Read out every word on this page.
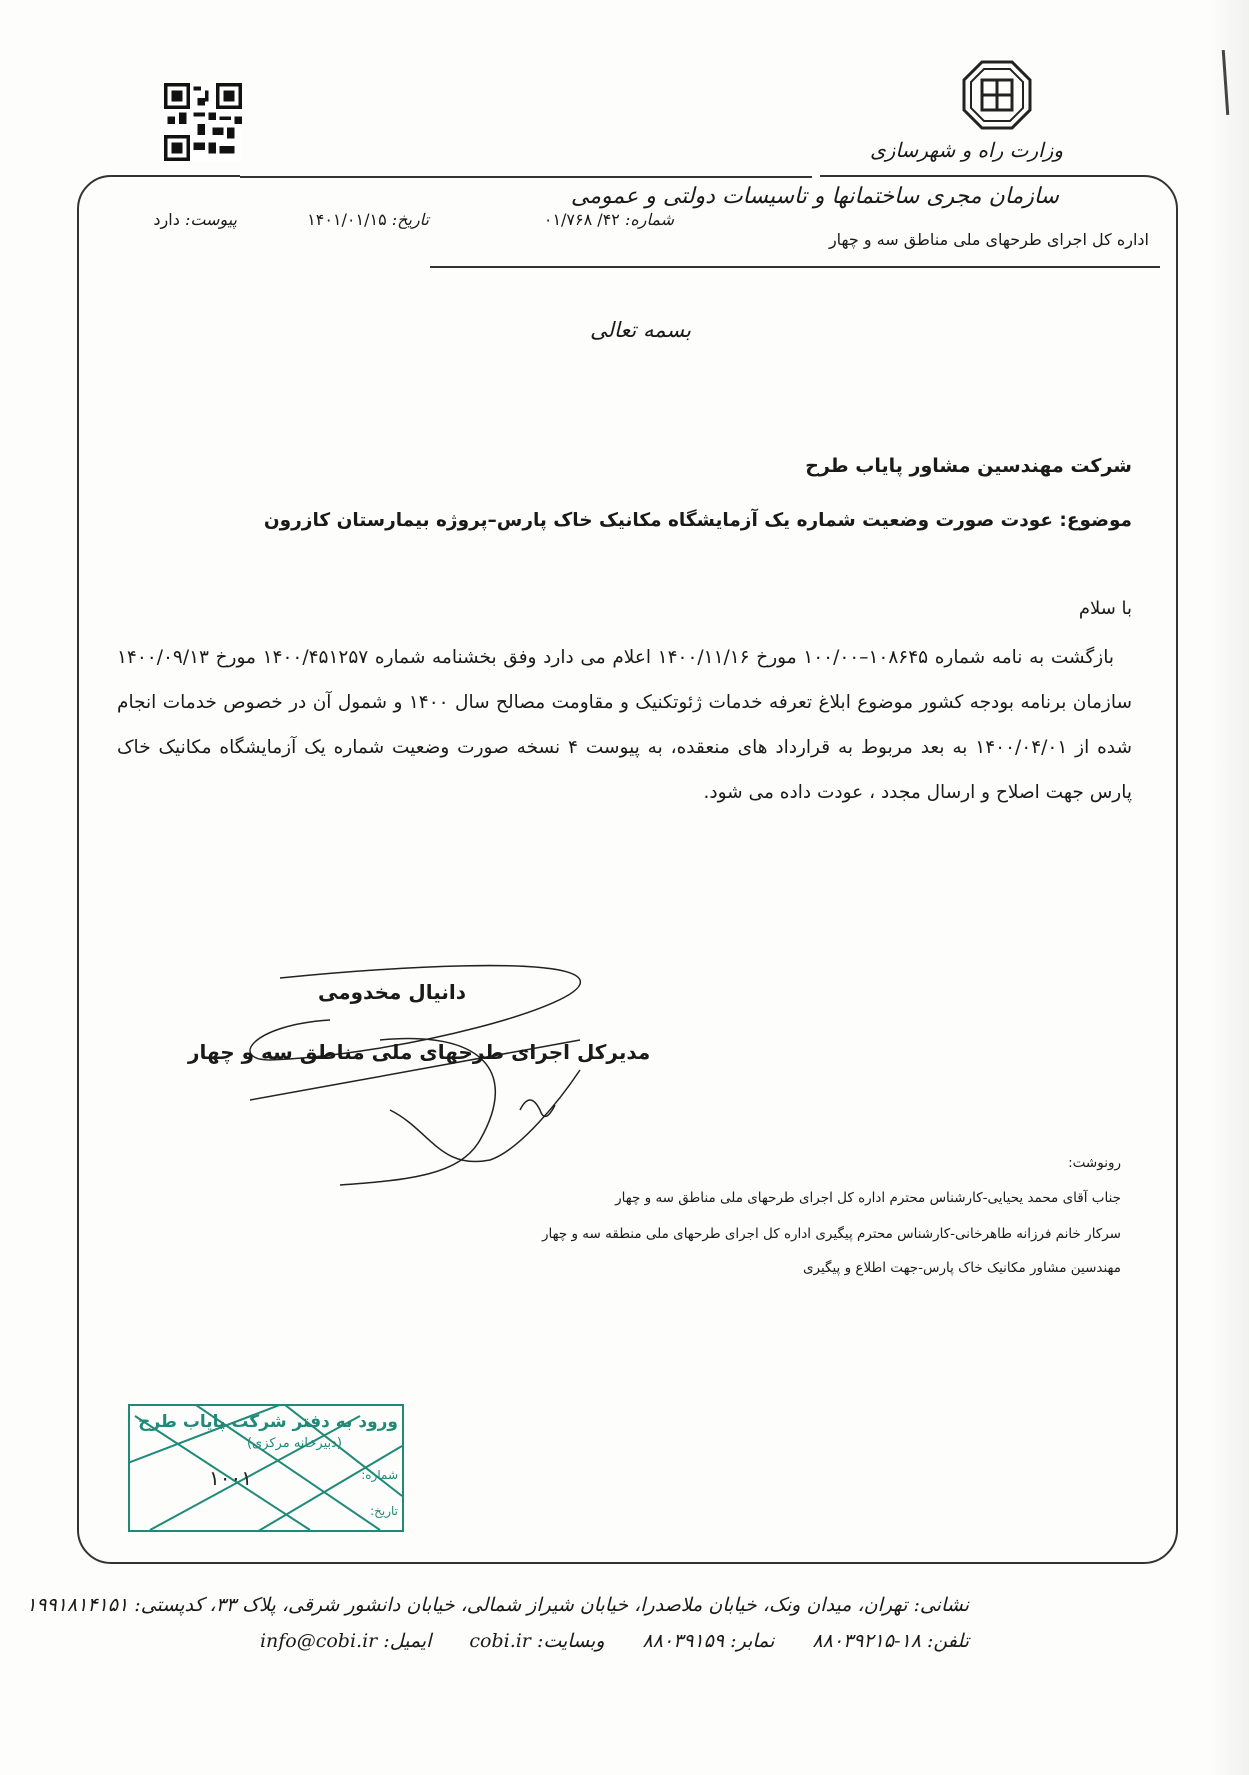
وزارت راه و شهرسازی
سازمان مجری ساختمانها و تاسیسات دولتی و عمومی
اداره کل اجرای طرحهای ملی مناطق سه و چهار
شماره: ۴۲/ ۰۱/۷۶۸
تاریخ: ۱۴۰۱/۰۱/۱۵
پیوست: دارد
بسمه تعالی
شرکت مهندسین مشاور پایاب طرح
موضوع: عودت صورت وضعیت شماره یک آزمایشگاه مکانیک خاک پارس–پروژه بیمارستان کازرون
با سلام
بازگشت به نامه شماره ۱۰۸۶۴۵–۱۰۰/۰۰ مورخ ۱۴۰۰/۱۱/۱۶ اعلام می دارد وفق بخشنامه شماره ۱۴۰۰/۴۵۱۲۵۷ مورخ ۱۴۰۰/۰۹/۱۳ سازمان برنامه بودجه کشور موضوع ابلاغ تعرفه خدمات ژئوتکنیک و مقاومت مصالح سال ۱۴۰۰ و شمول آن در خصوص خدمات انجام شده از ۱۴۰۰/۰۴/۰۱ به بعد مربوط به قرارداد های منعقده، به پیوست ۴ نسخه صورت وضعیت شماره یک آزمایشگاه مکانیک خاک پارس جهت اصلاح و ارسال مجدد ، عودت داده می شود.
دانیال مخدومی
مدیرکل اجرای طرحهای ملی مناطق سه و چهار
رونوشت:
جناب آقای محمد یحیایی-کارشناس محترم اداره کل اجرای طرحهای ملی مناطق سه و چهار
سرکار خانم فرزانه طاهرخانی-کارشناس محترم پیگیری اداره کل اجرای طرحهای ملی منطقه سه و چهار
مهندسین مشاور مکانیک خاک پارس-جهت اطلاع و پیگیری
ورود به دفتر شرکت پایاب طرح
(دبیرخانه مرکزی)
شماره:
۱۰۰۱
تاریخ:
نشانی: تهران، میدان ونک، خیابان ملاصدرا، خیابان شیراز شمالی، خیابان دانشور شرقی، پلاک ۳۳، کدپستی: ۱۹۹۱۸۱۴۱۵۱
تلفن: ۱۸-۸۸۰۳۹۲۱۵
نمابر: ۸۸۰۳۹۱۵۹
وبسایت: cobi.ir
ایمیل: info@cobi.ir
